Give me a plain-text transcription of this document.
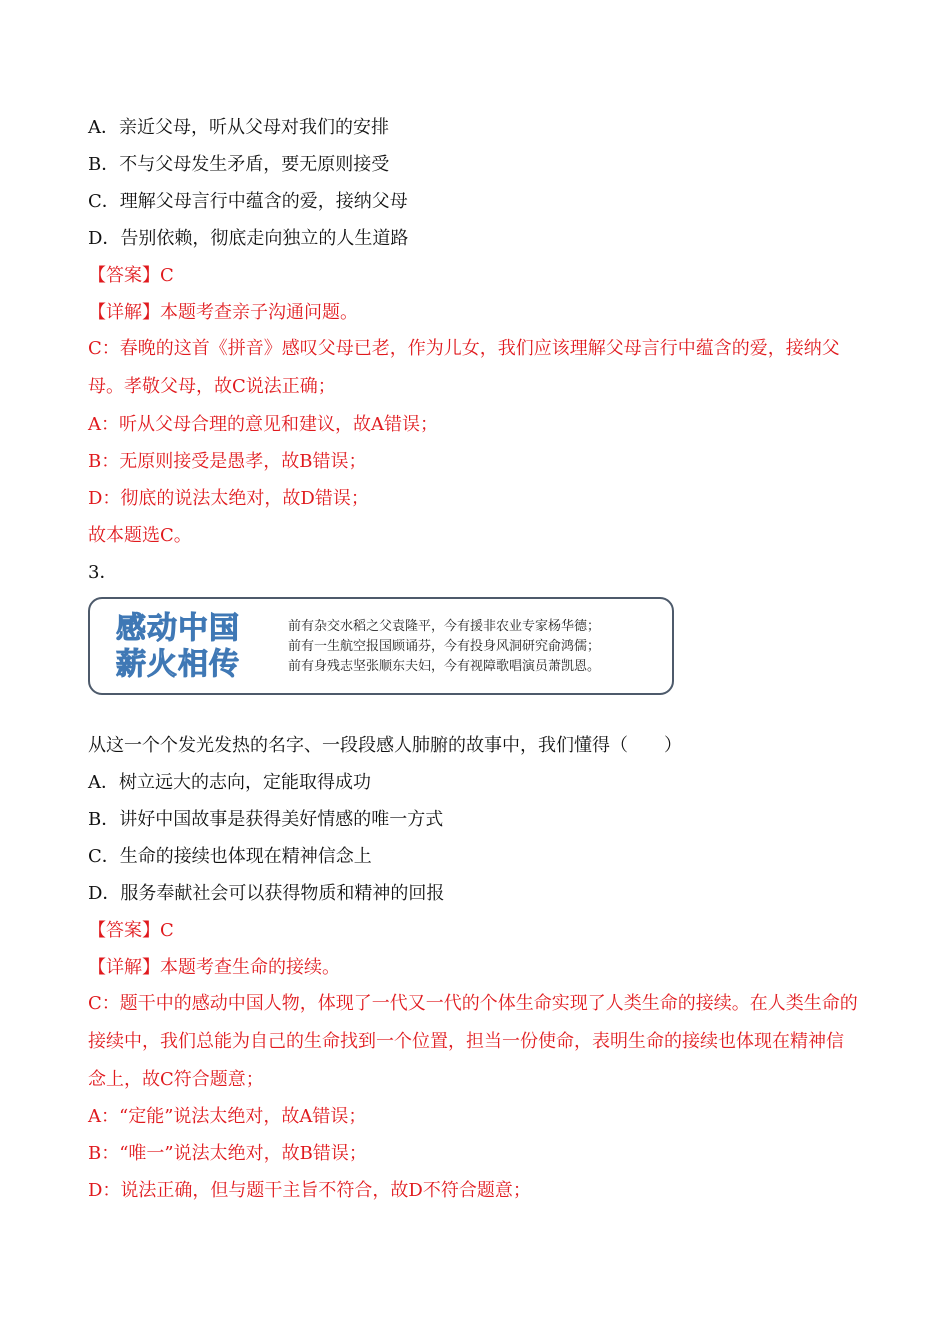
A．亲近父母，听从父母对我们的安排
B．不与父母发生矛盾，要无原则接受
C．理解父母言行中蕴含的爱，接纳父母
D．告别依赖，彻底走向独立的人生道路
【答案】C
【详解】本题考查亲子沟通问题。
C：春晚的这首《拼音》感叹父母已老，作为儿女，我们应该理解父母言行中蕴含的爱，接纳父母。孝敬父母，故C说法正确；
A：听从父母合理的意见和建议，故A错误；
B：无原则接受是愚孝，故B错误；
D：彻底的说法太绝对，故D错误；
故本题选C。
3．
感动中国
薪火相传
前有杂交水稻之父袁隆平，今有援非农业专家杨华德；
前有一生航空报国顾诵芬，今有投身风洞研究俞鸿儒；
前有身残志坚张顺东夫妇，今有视障歌唱演员萧凯恩。
从这一个个发光发热的名字、一段段感人肺腑的故事中，我们懂得（　　）
A．树立远大的志向，定能取得成功
B．讲好中国故事是获得美好情感的唯一方式
C．生命的接续也体现在精神信念上
D．服务奉献社会可以获得物质和精神的回报
【答案】C
【详解】本题考查生命的接续。
C：题干中的感动中国人物，体现了一代又一代的个体生命实现了人类生命的接续。在人类生命的接续中，我们总能为自己的生命找到一个位置，担当一份使命，表明生命的接续也体现在精神信念上，故C符合题意；
A：“定能”说法太绝对，故A错误；
B：“唯一”说法太绝对，故B错误；
D：说法正确，但与题干主旨不符合，故D不符合题意；
